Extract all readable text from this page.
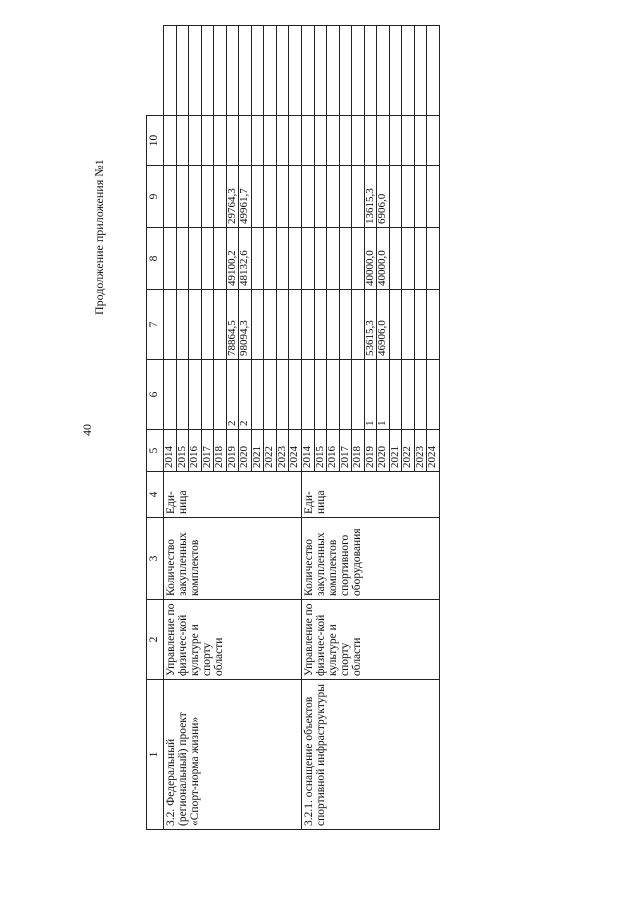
40
Продолжение приложения №1
1	2	3	4	5	6	7	8	9	10	
3.2. Федеральный (региональный) проект «Спорт-норма жизни»	Управление по физичес-кой культуре и спорту области	Количество закупленных комплектов	Еди-ница	2014						
				2015						
				2016						
				2017						
				2018						
				2019	2	78864,5	49100,2	29764,3		
				2020	2	98094,3	48132,6	49961,7		
				2021						
				2022						
				2023						
				2024						
3.2.1. оснащение объектов спортивной инфраструктуры	Управление по физичес-кой культуре и спорту области	Количество закупленных комплектов спортивного оборудования	Еди-ница	2014						
				2015						
				2016						
				2017						
				2018						
				2019	1	53615,3	40000,0	13615,3		
				2020	1	46906,0	40000,0	6906,0		
				2021						
				2022						
				2023						
				2024						
